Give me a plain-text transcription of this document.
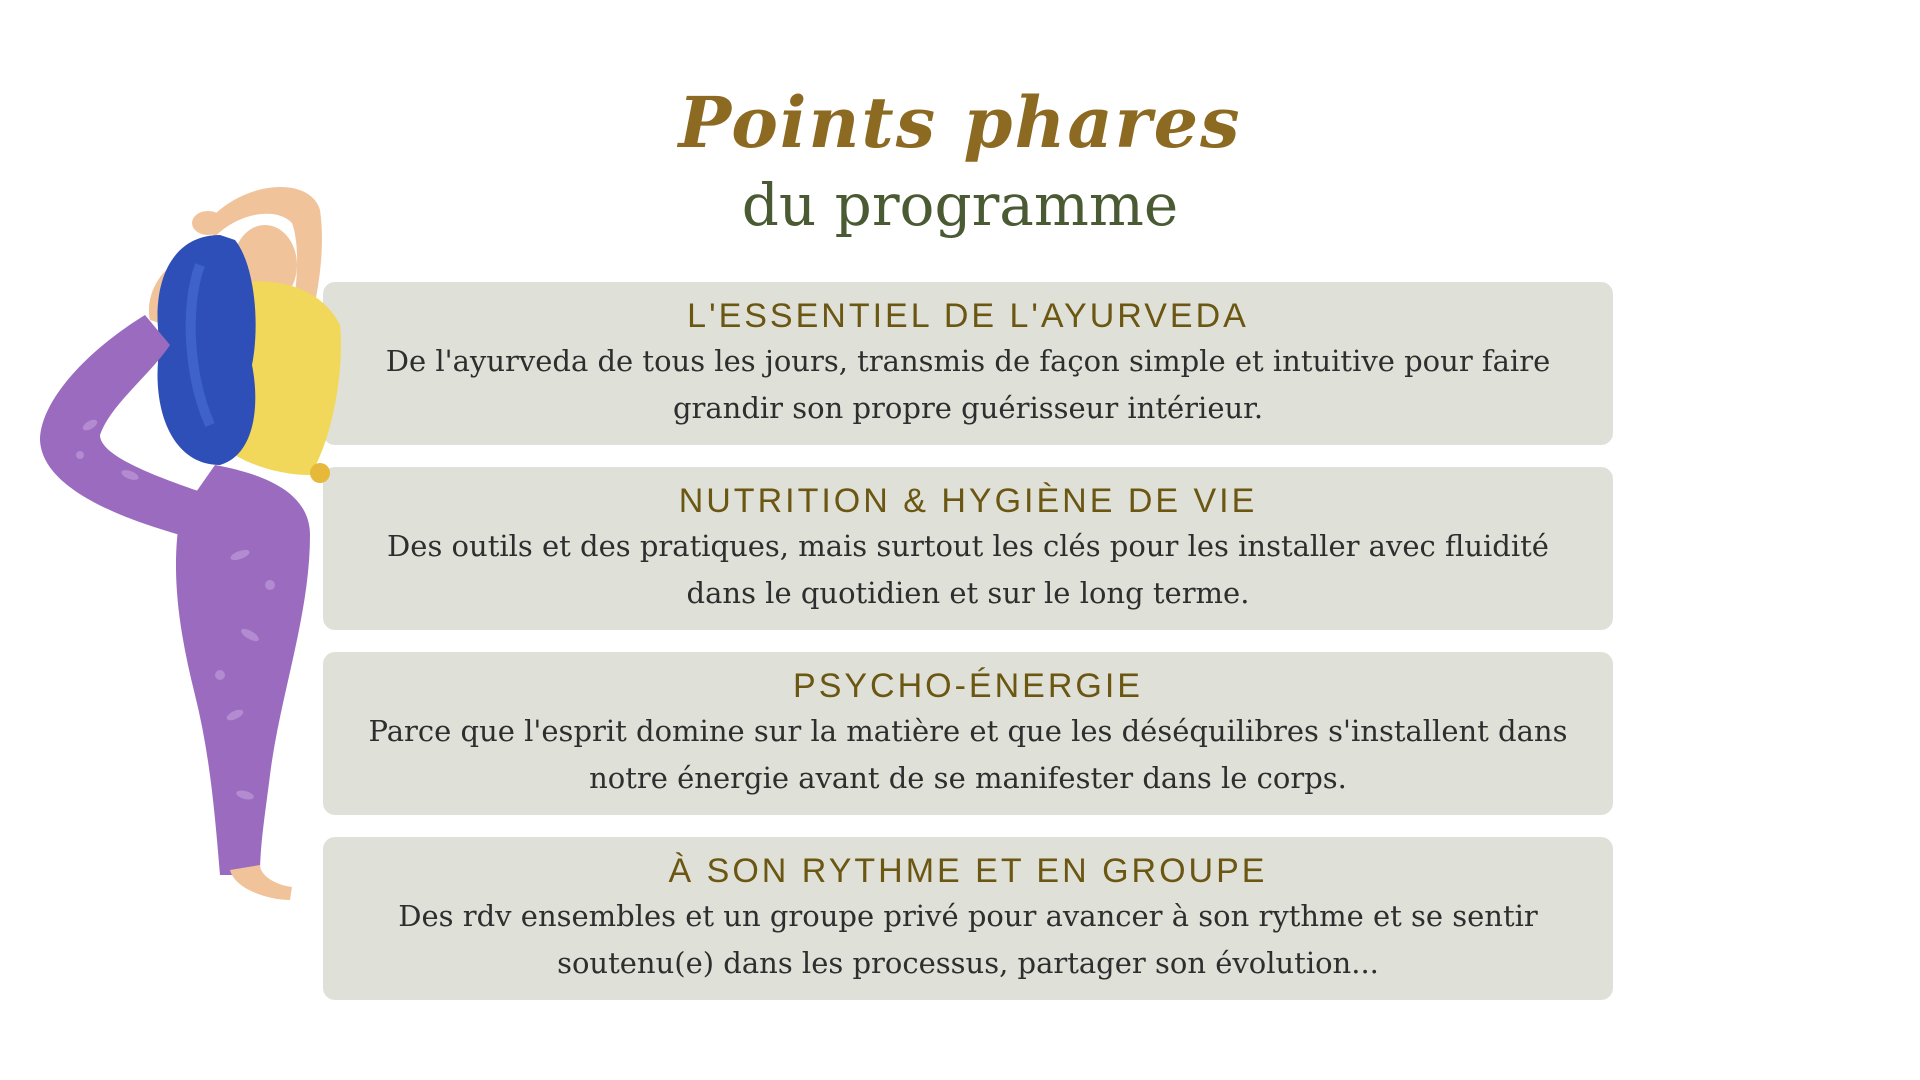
Points phares
du programme
L'ESSENTIEL DE L'AYURVEDA
De l'ayurveda de tous les jours, transmis de façon simple et intuitive pour faire grandir son propre guérisseur intérieur.
NUTRITION & HYGIÈNE DE VIE
Des outils et des pratiques, mais surtout les clés pour les installer avec fluidité dans le quotidien et sur le long terme.
PSYCHO-ÉNERGIE
Parce que l'esprit domine sur la matière et que les déséquilibres s'installent dans notre énergie avant de se manifester dans le corps.
À SON RYTHME ET EN GROUPE
Des rdv ensembles et un groupe privé pour avancer à son rythme et se sentir soutenu(e) dans les processus, partager son évolution...
